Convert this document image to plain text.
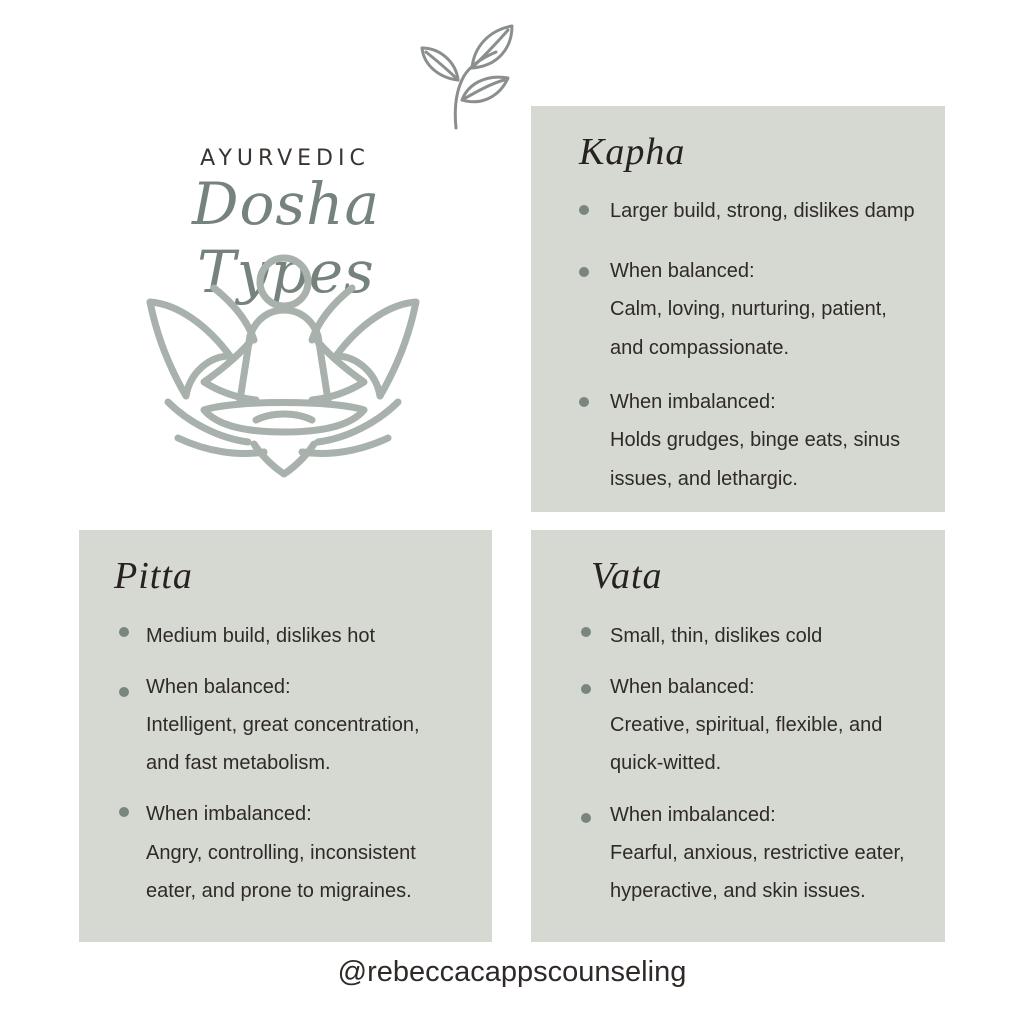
AYURVEDIC
Dosha Types
Kapha
Larger build, strong, dislikes damp
When balanced:
Calm, loving, nurturing, patient,
and compassionate.
When imbalanced:
Holds grudges, binge eats, sinus
issues, and lethargic.
Pitta
Medium build, dislikes hot
When balanced:
Intelligent, great concentration,
and fast metabolism.
When imbalanced:
Angry, controlling, inconsistent
eater, and prone to migraines.
Vata
Small, thin, dislikes cold
When balanced:
Creative, spiritual, flexible, and
quick-witted.
When imbalanced:
Fearful, anxious, restrictive eater,
hyperactive, and skin issues.
@rebeccacappscounseling
